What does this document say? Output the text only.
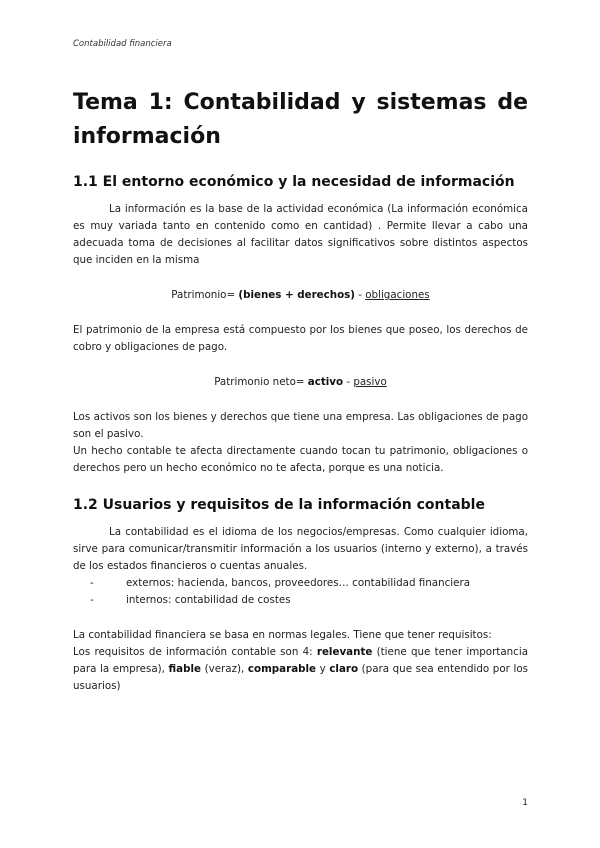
Contabilidad financiera

Tema 1: Contabilidad y sistemas de información
1.1 El entorno económico y la necesidad de información

La información es la base de la actividad económica (La información económica es muy variada tanto en contenido como en cantidad) . Permite llevar a cabo una adecuada toma de decisiones al facilitar datos significativos sobre distintos aspectos que inciden en la misma

Patrimonio= (bienes + derechos) - obligaciones

El patrimonio de la empresa está compuesto por los bienes que poseo, los derechos de cobro y obligaciones de pago.

Patrimonio neto= activo - pasivo

Los activos son los bienes y derechos que tiene una empresa. Las obligaciones de pago son el pasivo.

Un hecho contable te afecta directamente cuando tocan tu patrimonio, obligaciones o derechos pero un hecho económico no te afecta, porque es una noticia.

1.2 Usuarios y requisitos de la información contable

La contabilidad es el idioma de los negocios/empresas. Como cualquier idioma, sirve para comunicar/transmitir información a los usuarios (interno y externo), a través de los estados financieros o cuentas anuales.

-	externos: hacienda, bancos, proveedores… contabilidad financiera
-	internos: contabilidad de costes

La contabilidad financiera se basa en normas legales. Tiene que tener requisitos:

Los requisitos de información contable son 4: relevante (tiene que tener importancia para la empresa), fiable (veraz), comparable y claro (para que sea entendido por los usuarios)

1
